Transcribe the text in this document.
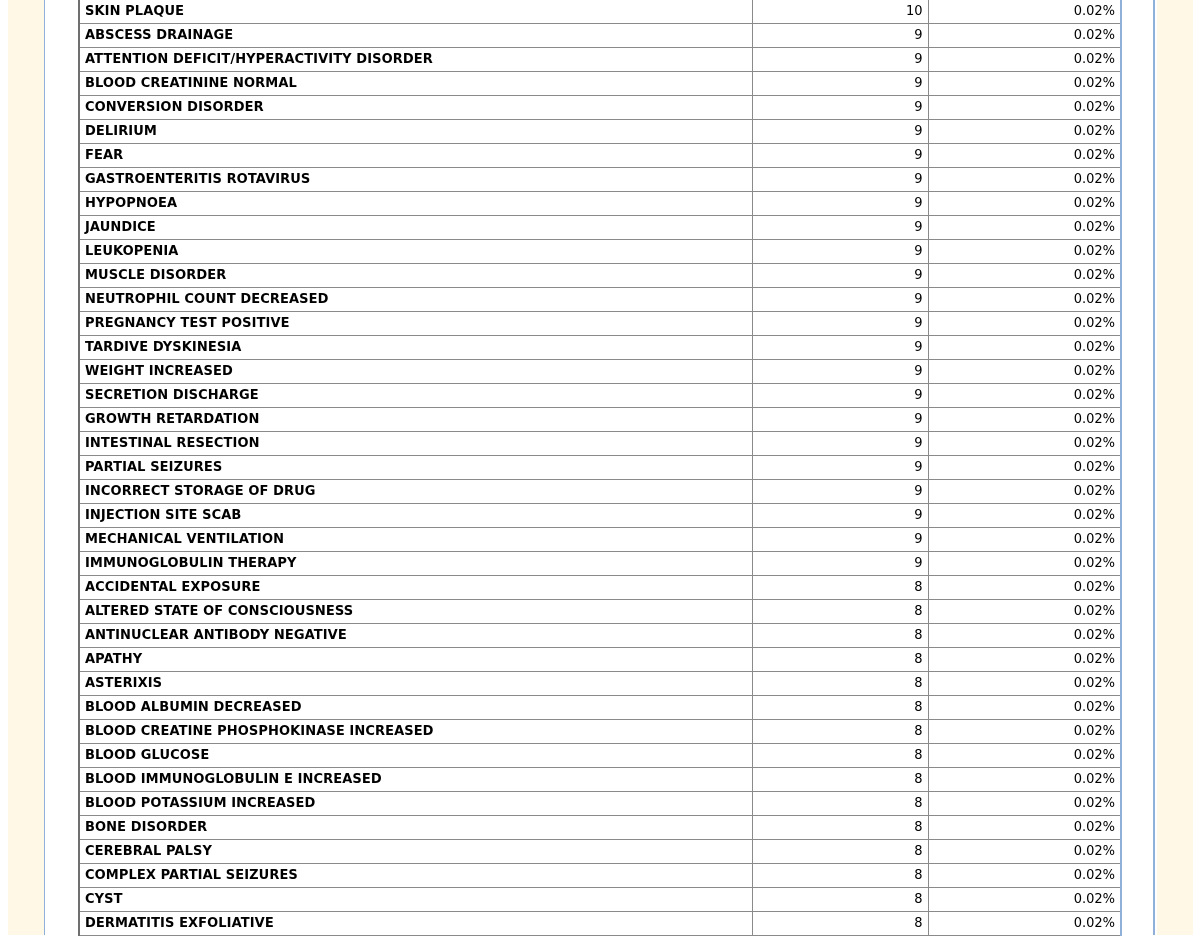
SKIN PLAQUE	10	0.02%
ABSCESS DRAINAGE	9	0.02%
ATTENTION DEFICIT/HYPERACTIVITY DISORDER	9	0.02%
BLOOD CREATININE NORMAL	9	0.02%
CONVERSION DISORDER	9	0.02%
DELIRIUM	9	0.02%
FEAR	9	0.02%
GASTROENTERITIS ROTAVIRUS	9	0.02%
HYPOPNOEA	9	0.02%
JAUNDICE	9	0.02%
LEUKOPENIA	9	0.02%
MUSCLE DISORDER	9	0.02%
NEUTROPHIL COUNT DECREASED	9	0.02%
PREGNANCY TEST POSITIVE	9	0.02%
TARDIVE DYSKINESIA	9	0.02%
WEIGHT INCREASED	9	0.02%
SECRETION DISCHARGE	9	0.02%
GROWTH RETARDATION	9	0.02%
INTESTINAL RESECTION	9	0.02%
PARTIAL SEIZURES	9	0.02%
INCORRECT STORAGE OF DRUG	9	0.02%
INJECTION SITE SCAB	9	0.02%
MECHANICAL VENTILATION	9	0.02%
IMMUNOGLOBULIN THERAPY	9	0.02%
ACCIDENTAL EXPOSURE	8	0.02%
ALTERED STATE OF CONSCIOUSNESS	8	0.02%
ANTINUCLEAR ANTIBODY NEGATIVE	8	0.02%
APATHY	8	0.02%
ASTERIXIS	8	0.02%
BLOOD ALBUMIN DECREASED	8	0.02%
BLOOD CREATINE PHOSPHOKINASE INCREASED	8	0.02%
BLOOD GLUCOSE	8	0.02%
BLOOD IMMUNOGLOBULIN E INCREASED	8	0.02%
BLOOD POTASSIUM INCREASED	8	0.02%
BONE DISORDER	8	0.02%
CEREBRAL PALSY	8	0.02%
COMPLEX PARTIAL SEIZURES	8	0.02%
CYST	8	0.02%
DERMATITIS EXFOLIATIVE	8	0.02%
